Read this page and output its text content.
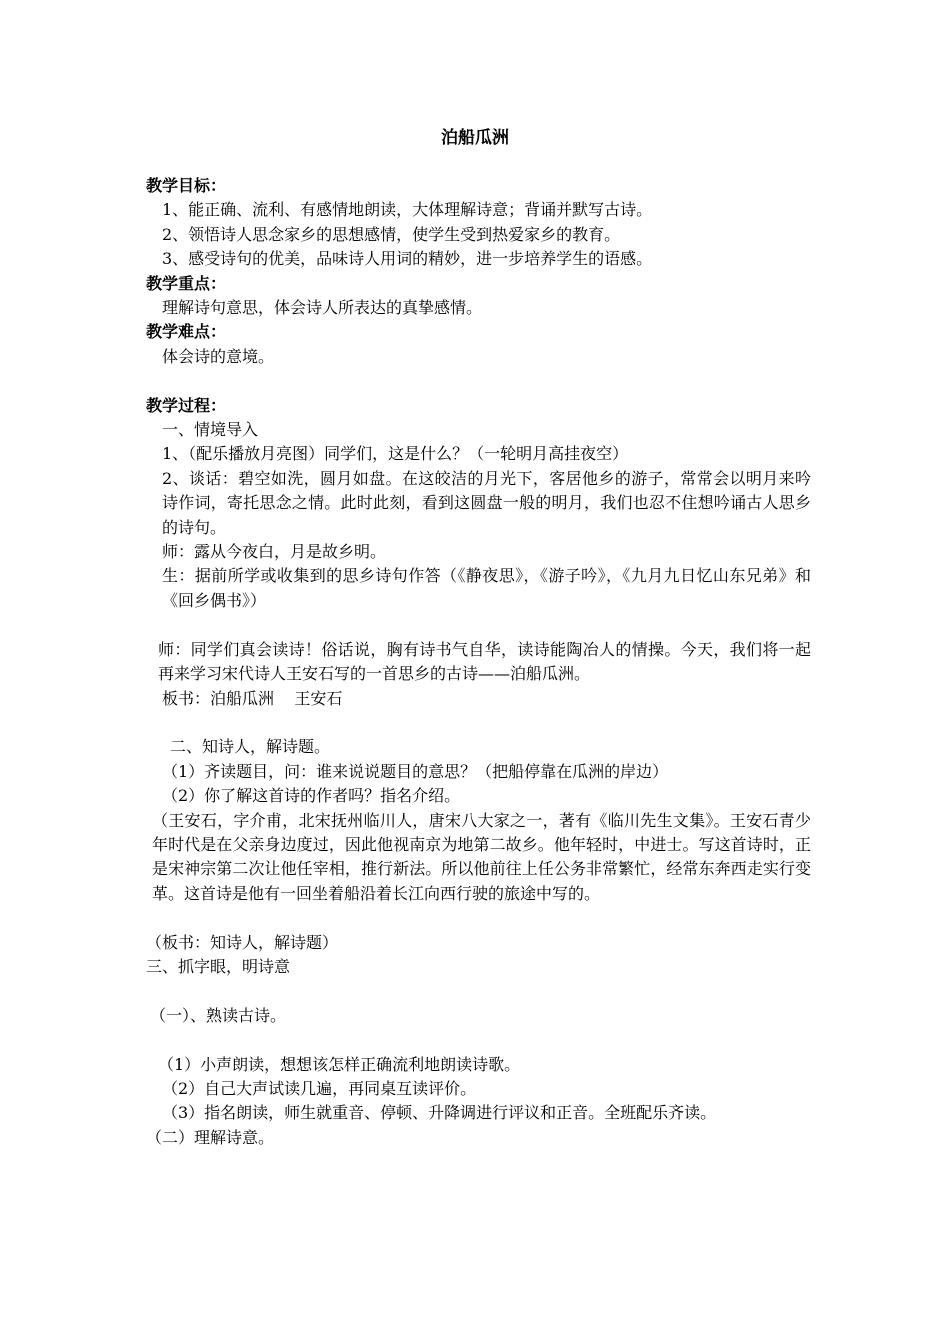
泊船瓜洲
教学目标：
1、能正确、流利、有感情地朗读，大体理解诗意；背诵并默写古诗。
2、领悟诗人思念家乡的思想感情，使学生受到热爱家乡的教育。
3、感受诗句的优美，品味诗人用词的精妙，进一步培养学生的语感。
教学重点：
理解诗句意思，体会诗人所表达的真挚感情。
教学难点：
体会诗的意境。
教学过程：
一、情境导入
1、（配乐播放月亮图）同学们，这是什么？（一轮明月高挂夜空）
2、谈话：碧空如洗，圆月如盘。在这皎洁的月光下，客居他乡的游子，常常会以明月来吟诗作词，寄托思念之情。此时此刻，看到这圆盘一般的明月，我们也忍不住想吟诵古人思乡的诗句。
师：露从今夜白，月是故乡明。
生：据前所学或收集到的思乡诗句作答（《静夜思》，《游子吟》，《九月九日忆山东兄弟》和《回乡偶书》）
师：同学们真会读诗！俗话说，胸有诗书气自华，读诗能陶冶人的情操。今天，我们将一起再来学习宋代诗人王安石写的一首思乡的古诗——泊船瓜洲。
板书：泊船瓜洲    王安石
二、知诗人，解诗题。
（1）齐读题目，问：谁来说说题目的意思？（把船停靠在瓜洲的岸边）
（2）你了解这首诗的作者吗？指名介绍。
（王安石，字介甫，北宋抚州临川人，唐宋八大家之一，著有《临川先生文集》。王安石青少年时代是在父亲身边度过，因此他视南京为地第二故乡。他年轻时，中进士。写这首诗时，正是宋神宗第二次让他任宰相，推行新法。所以他前往上任公务非常繁忙，经常东奔西走实行变革。这首诗是他有一回坐着船沿着长江向西行驶的旅途中写的。
（板书：知诗人，解诗题）
三、抓字眼，明诗意
（一）、熟读古诗。
（1）小声朗读，想想该怎样正确流利地朗读诗歌。
（2）自己大声试读几遍，再同桌互读评价。
（3）指名朗读，师生就重音、停顿、升降调进行评议和正音。全班配乐齐读。
（二）理解诗意。
